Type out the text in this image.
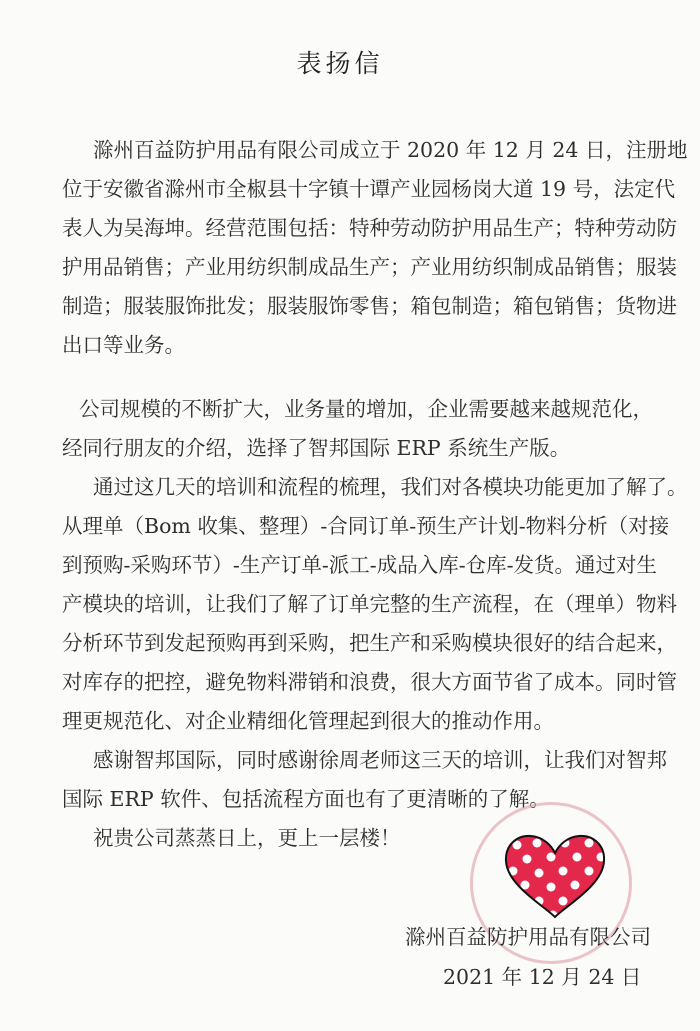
表扬信
滁州百益防护用品有限公司成立于 2020 年 12 月 24 日，注册地
位于安徽省滁州市全椒县十字镇十谭产业园杨岗大道 19 号，法定代
表人为吴海坤。经营范围包括：特种劳动防护用品生产；特种劳动防
护用品销售；产业用纺织制成品生产；产业用纺织制成品销售；服装
制造；服装服饰批发；服装服饰零售；箱包制造；箱包销售；货物进
出口等业务。
公司规模的不断扩大，业务量的增加，企业需要越来越规范化，
经同行朋友的介绍，选择了智邦国际 ERP 系统生产版。
通过这几天的培训和流程的梳理，我们对各模块功能更加了解了。
从理单（Bom 收集、整理）-合同订单-预生产计划-物料分析（对接
到预购-采购环节）-生产订单-派工-成品入库-仓库-发货。通过对生
产模块的培训，让我们了解了订单完整的生产流程，在（理单）物料
分析环节到发起预购再到采购，把生产和采购模块很好的结合起来，
对库存的把控，避免物料滞销和浪费，很大方面节省了成本。同时管
理更规范化、对企业精细化管理起到很大的推动作用。
感谢智邦国际，同时感谢徐周老师这三天的培训，让我们对智邦
国际 ERP 软件、包括流程方面也有了更清晰的了解。
祝贵公司蒸蒸日上，更上一层楼！
滁州百益防护用品有限公司
2021 年 12 月 24 日
